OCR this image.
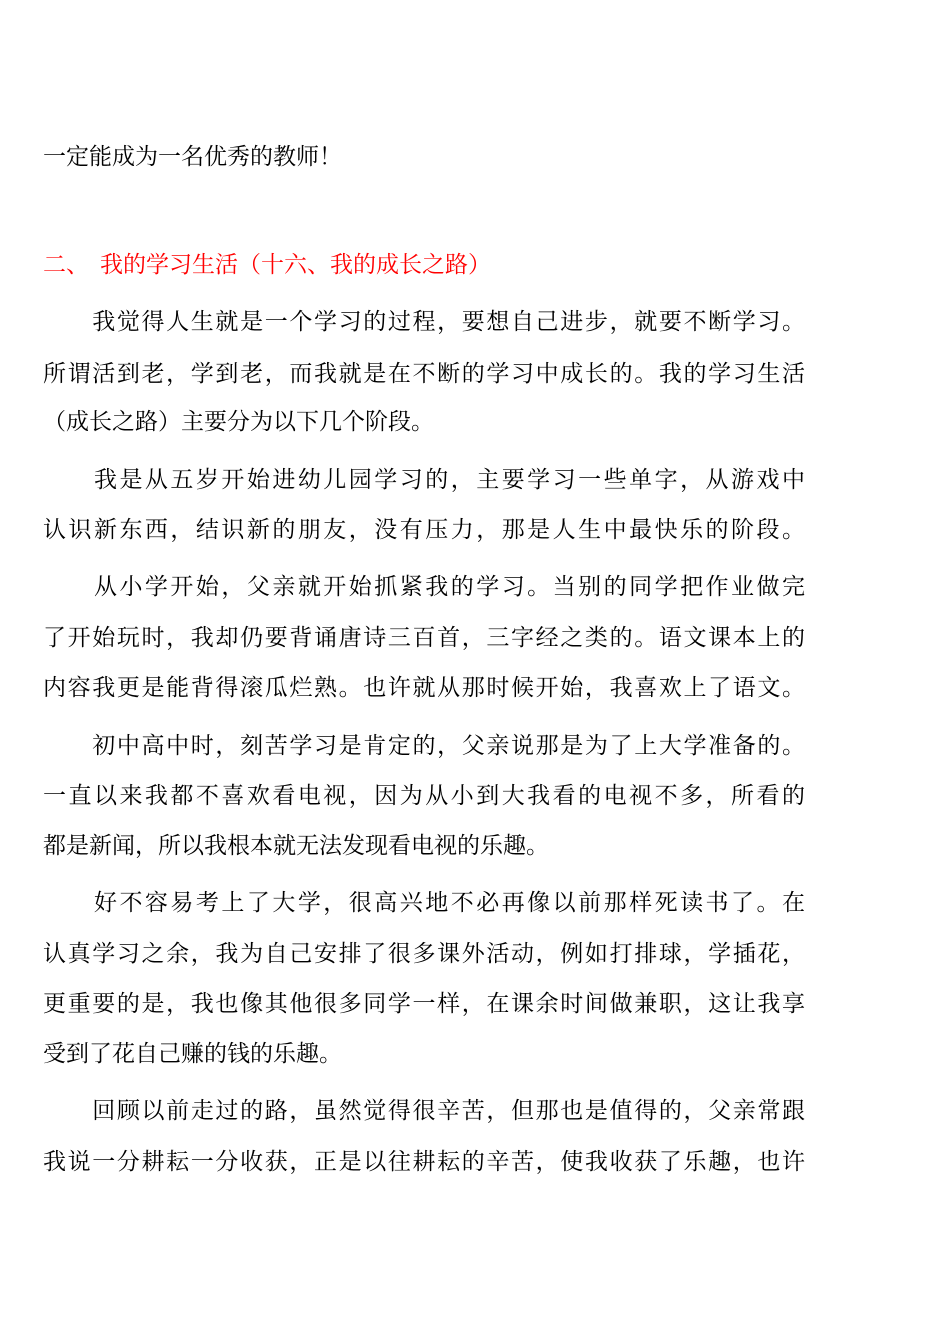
一定能成为一名优秀的教师！
二、 我的学习生活（十六、我的成长之路）
　　我觉得人生就是一个学习的过程，要想自己进步，就要不断学习。
所谓活到老，学到老，而我就是在不断的学习中成长的。我的学习生活
（成长之路）主要分为以下几个阶段。
　　我是从五岁开始进幼儿园学习的，主要学习一些单字，从游戏中
认识新东西，结识新的朋友，没有压力，那是人生中最快乐的阶段。
　　从小学开始，父亲就开始抓紧我的学习。当别的同学把作业做完
了开始玩时，我却仍要背诵唐诗三百首，三字经之类的。语文课本上的
内容我更是能背得滚瓜烂熟。也许就从那时候开始，我喜欢上了语文。
　　初中高中时，刻苦学习是肯定的，父亲说那是为了上大学准备的。
一直以来我都不喜欢看电视，因为从小到大我看的电视不多，所看的
都是新闻，所以我根本就无法发现看电视的乐趣。
　　好不容易考上了大学，很高兴地不必再像以前那样死读书了。在
认真学习之余，我为自己安排了很多课外活动，例如打排球，学插花，
更重要的是，我也像其他很多同学一样，在课余时间做兼职，这让我享
受到了花自己赚的钱的乐趣。
　　回顾以前走过的路，虽然觉得很辛苦，但那也是值得的，父亲常跟
我说一分耕耘一分收获，正是以往耕耘的辛苦，使我收获了乐趣，也许
